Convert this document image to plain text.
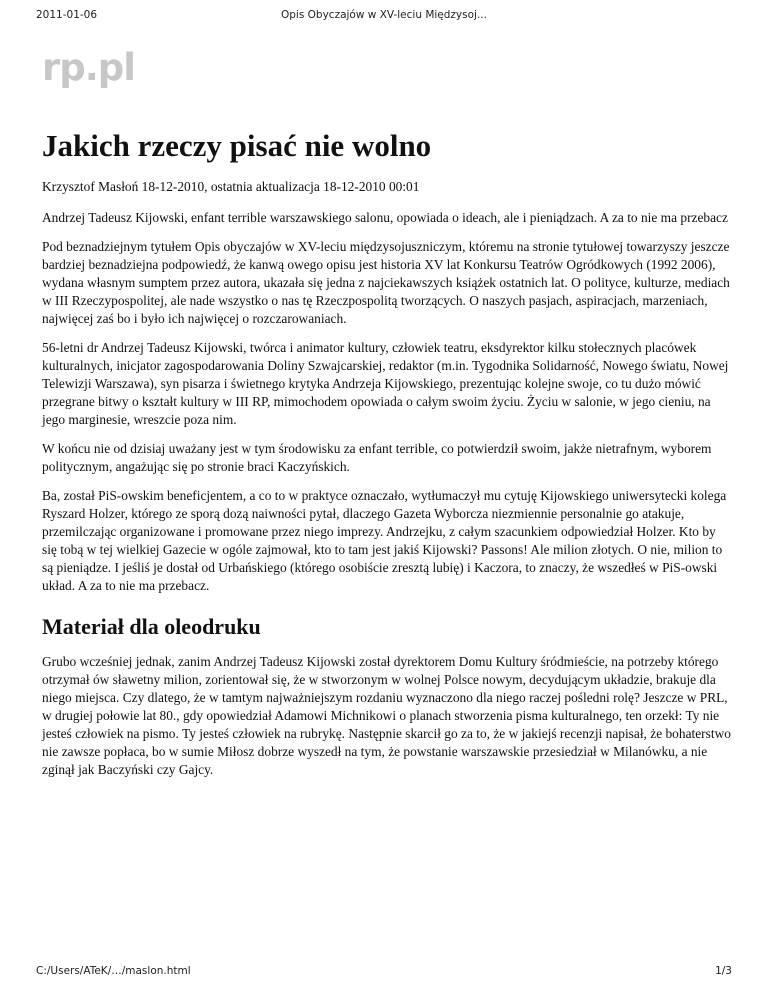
2011-01-06	Opis Obyczajów w XV-leciu Międzysoj...
rp.pl
Jakich rzeczy pisać nie wolno

Krzysztof Masłoń 18-12-2010, ostatnia aktualizacja 18-12-2010 00:01

Andrzej Tadeusz Kijowski, enfant terrible warszawskiego salonu, opowiada o ideach, ale i pieniądzach. A za to nie ma przebacz

Pod beznadziejnym tytułem Opis obyczajów w XV-leciu międzysojuszniczym, któremu na stronie tytułowej towarzyszy jeszcze bardziej beznadziejna podpowiedź, że kanwą owego opisu jest historia XV lat Konkursu Teatrów Ogródkowych (1992 2006), wydana własnym sumptem przez autora, ukazała się jedna z najciekawszych książek ostatnich lat. O polityce, kulturze, mediach w III Rzeczypospolitej, ale nade wszystko o nas tę Rzeczpospolitą tworzących. O naszych pasjach, aspiracjach, marzeniach, najwięcej zaś bo i było ich najwięcej o rozczarowaniach.

56-letni dr Andrzej Tadeusz Kijowski, twórca i animator kultury, człowiek teatru, eksdyrektor kilku stołecznych placówek kulturalnych, inicjator zagospodarowania Doliny Szwajcarskiej, redaktor (m.in. Tygodnika Solidarność, Nowego światu, Nowej Telewizji Warszawa), syn pisarza i świetnego krytyka Andrzeja Kijowskiego, prezentując kolejne swoje, co tu dużo mówić przegrane bitwy o kształt kultury w III RP, mimochodem opowiada o całym swoim życiu. Życiu w salonie, w jego cieniu, na jego marginesie, wreszcie poza nim.

W końcu nie od dzisiaj uważany jest w tym środowisku za enfant terrible, co potwierdził swoim, jakże nietrafnym, wyborem politycznym, angażując się po stronie braci Kaczyńskich.

Ba, został PiS-owskim beneficjentem, a co to w praktyce oznaczało, wytłumaczył mu cytuję Kijowskiego uniwersytecki kolega Ryszard Holzer, którego ze sporą dozą naiwności pytał, dlaczego Gazeta Wyborcza niezmiennie personalnie go atakuje, przemilczając organizowane i promowane przez niego imprezy. Andrzejku, z całym szacunkiem odpowiedział Holzer. Kto by się tobą w tej wielkiej Gazecie w ogóle zajmował, kto to tam jest jakiś Kijowski? Passons! Ale milion złotych. O nie, milion to są pieniądze. I jeśliś je dostał od Urbańskiego (którego osobiście zresztą lubię) i Kaczora, to znaczy, że wszedłeś w PiS-owski układ. A za to nie ma przebacz.

Materiał dla oleodruku

Grubo wcześniej jednak, zanim Andrzej Tadeusz Kijowski został dyrektorem Domu Kultury śródmieście, na potrzeby którego otrzymał ów sławetny milion, zorientował się, że w stworzonym w wolnej Polsce nowym, decydującym układzie, brakuje dla niego miejsca. Czy dlatego, że w tamtym najważniejszym rozdaniu wyznaczono dla niego raczej pośledni rolę? Jeszcze w PRL, w drugiej połowie lat 80., gdy opowiedział Adamowi Michnikowi o planach stworzenia pisma kulturalnego, ten orzekł: Ty nie jesteś człowiek na pismo. Ty jesteś człowiek na rubrykę. Następnie skarcił go za to, że w jakiejś recenzji napisał, że bohaterstwo nie zawsze popłaca, bo w sumie Miłosz dobrze wyszedł na tym, że powstanie warszawskie przesiedział w Milanówku, a nie zginął jak Baczyński czy Gajcy.

C:/Users/ATeK/…/maslon.html	1/3
